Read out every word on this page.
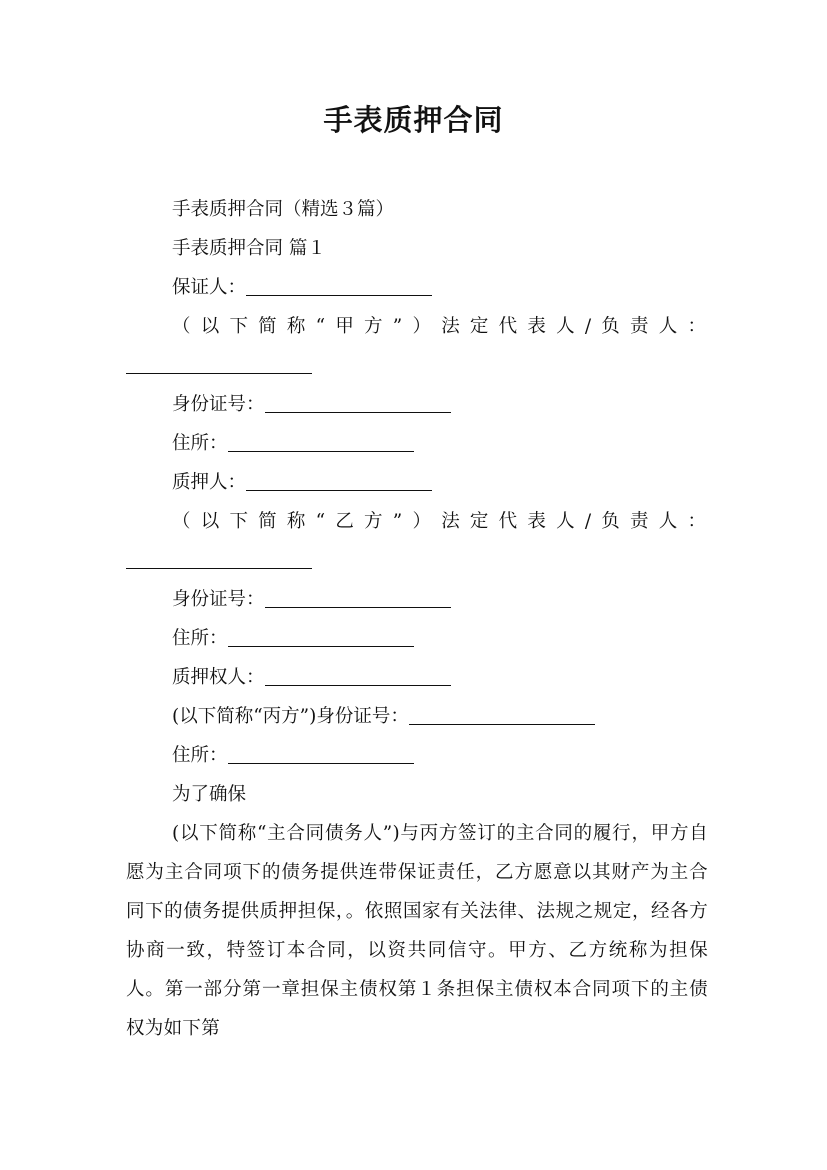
手表质押合同
手表质押合同（精选３篇）
手表质押合同 篇１
保证人：
（以下简称“甲方”）法定代表人/负责人：
身份证号：
住所：
质押人：
（以下简称“乙方”）法定代表人/负责人：
身份证号：
住所：
质押权人：
(以下简称“丙方”)身份证号：
住所：
为了确保
(以下简称“主合同债务人”)与丙方签订的主合同的履行，甲方自愿为主合同项下的债务提供连带保证责任，乙方愿意以其财产为主合同下的债务提供质押担保，。依照国家有关法律、法规之规定，经各方协商一致，特签订本合同，以资共同信守。甲方、乙方统称为担保人。第一部分第一章担保主债权第１条担保主债权本合同项下的主债权为如下第
